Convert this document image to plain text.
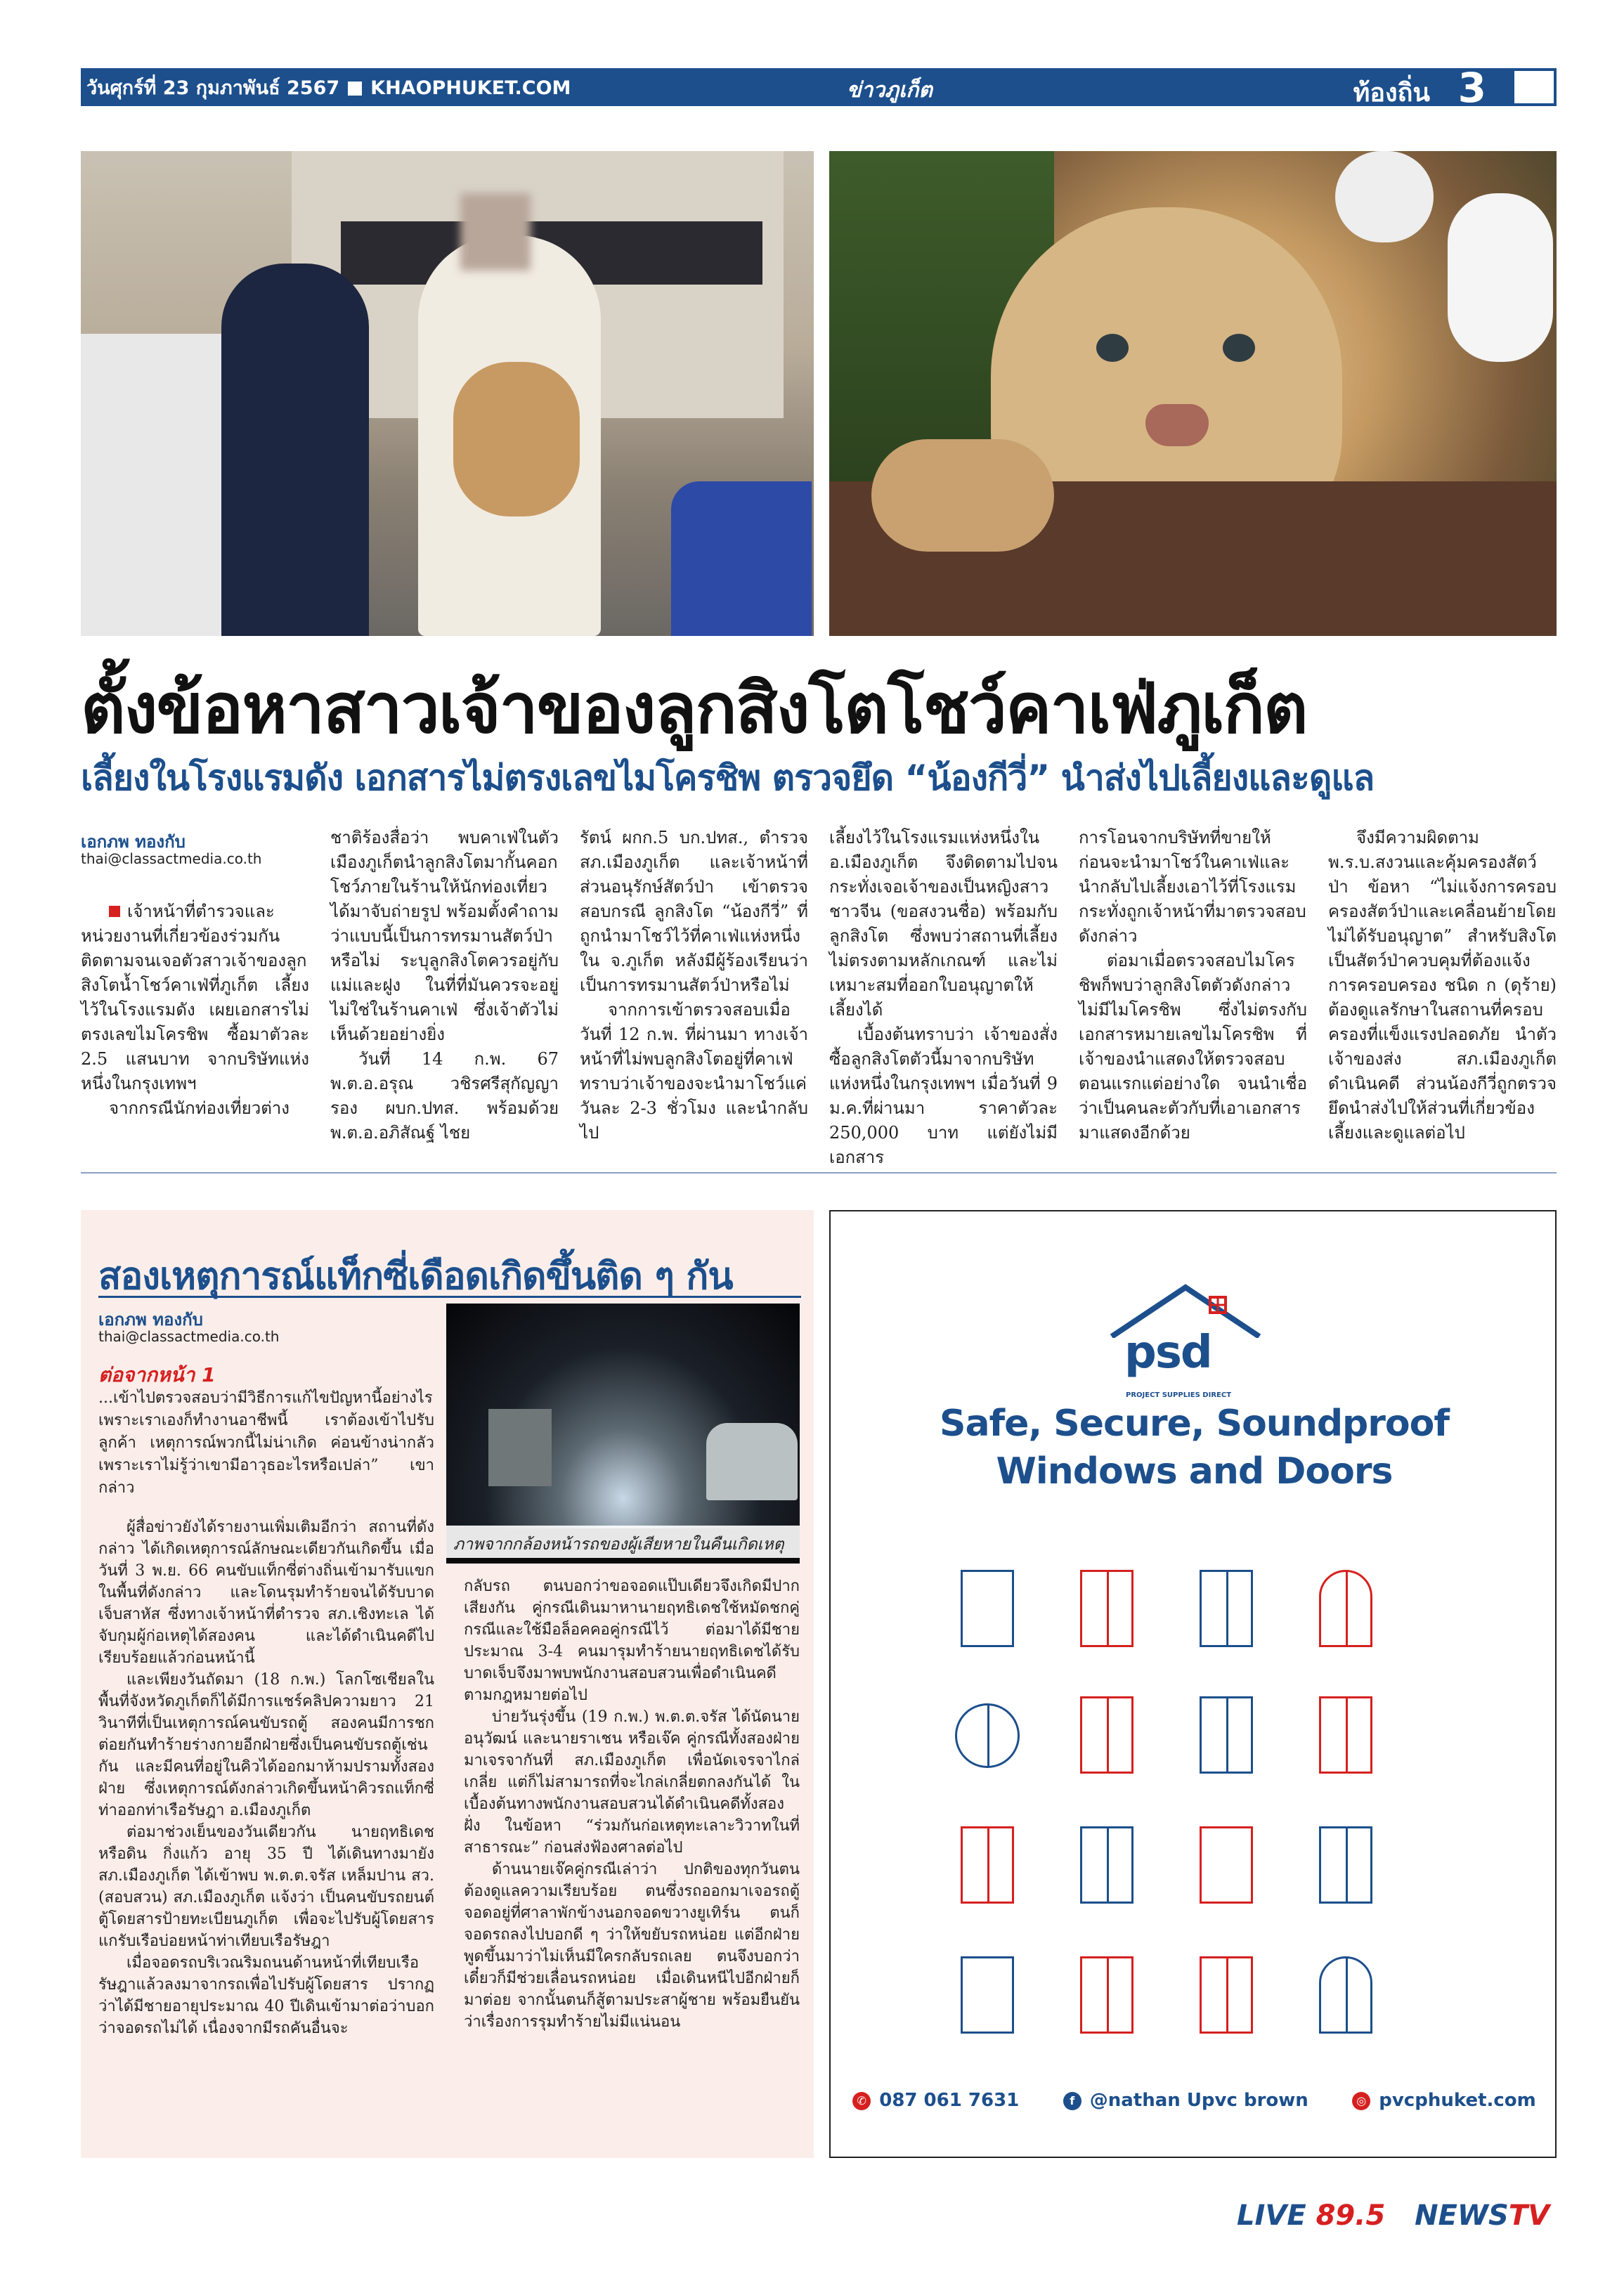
วันศุกร์ที่ 23 กุมภาพันธ์ 2567 KHAOPHUKET.COM	ข่าวภูเก็ต	ท้องถิ่น 3
ตั้งข้อหาสาวเจ้าของลูกสิงโตโชว์คาเฟ่ภูเก็ต
เลี้ยงในโรงแรมดัง เอกสารไม่ตรงเลขไมโครชิพ ตรวจยึด “น้องกีวี่” นำส่งไปเลี้ยงและดูแล
เอกภพ ทองกับ
thai@classactmedia.co.th

เจ้าหน้าที่ตำรวจและหน่วยงานที่เกี่ยวข้องร่วมกันติดตามจนเจอตัวสาวเจ้าของลูกสิงโตน้ำโชว์คาเฟ่ที่ภูเก็ต เลี้ยงไว้ในโรงแรมดัง เผยเอกสารไม่ตรงเลขไมโครชิพ ซื้อมาตัวละ 2.5 แสนบาท จากบริษัทแห่งหนึ่งในกรุงเทพฯ

จากกรณีนักท่องเที่ยวต่าง

ชาติร้องสื่อว่า พบคาเฟ่ในตัวเมืองภูเก็ตนำลูกสิงโตมากั้นคอกโชว์ภายในร้านให้นักท่องเที่ยวได้มาจับถ่ายรูป พร้อมตั้งคำถามว่าแบบนี้เป็นการทรมานสัตว์ป่าหรือไม่ ระบุลูกสิงโตควรอยู่กับแม่และฝูง ในที่ที่มันควรจะอยู่ ไม่ใช่ในร้านคาเฟ่ ซึ่งเจ้าตัวไม่เห็นด้วยอย่างยิ่ง

วันที่ 14 ก.พ. 67 พ.ต.อ.อรุณ วชิรศรีสุกัญญา รอง ผบก.ปทส. พร้อมด้วย พ.ต.อ.อภิสัณฐ์ ไชย

รัตน์ ผกก.5 บก.ปทส., ตำรวจ สภ.เมืองภูเก็ต และเจ้าหน้าที่ส่วนอนุรักษ์สัตว์ป่า เข้าตรวจสอบกรณี ลูกสิงโต “น้องกีวี่” ที่ถูกนำมาโชว์ไว้ที่คาเฟ่แห่งหนึ่งใน จ.ภูเก็ต หลังมีผู้ร้องเรียนว่าเป็นการทรมานสัตว์ป่าหรือไม่

จากการเข้าตรวจสอบเมื่อวันที่ 12 ก.พ. ที่ผ่านมา ทางเจ้าหน้าที่ไม่พบลูกสิงโตอยู่ที่คาเฟ่ ทราบว่าเจ้าของจะนำมาโชว์แค่วันละ 2-3 ชั่วโมง และนำกลับไป

เลี้ยงไว้ในโรงแรมแห่งหนึ่งใน อ.เมืองภูเก็ต จึงติดตามไปจนกระทั่งเจอเจ้าของเป็นหญิงสาวชาวจีน (ขอสงวนชื่อ) พร้อมกับลูกสิงโต ซึ่งพบว่าสถานที่เลี้ยงไม่ตรงตามหลักเกณฑ์ และไม่เหมาะสมที่ออกใบอนุญาตให้เลี้ยงได้

เบื้องต้นทราบว่า เจ้าของสั่งซื้อลูกสิงโตตัวนี้มาจากบริษัทแห่งหนึ่งในกรุงเทพฯ เมื่อวันที่ 9 ม.ค.ที่ผ่านมา ราคาตัวละ 250,000 บาท แต่ยังไม่มีเอกสาร

การโอนจากบริษัทที่ขายให้ ก่อนจะนำมาโชว์ในคาเฟ่และนำกลับไปเลี้ยงเอาไว้ที่โรงแรม กระทั่งถูกเจ้าหน้าที่มาตรวจสอบดังกล่าว

ต่อมาเมื่อตรวจสอบไมโครชิพก็พบว่าลูกสิงโตตัวดังกล่าวไม่มีไมโครชิพ ซึ่งไม่ตรงกับเอกสารหมายเลขไมโครชิพ ที่เจ้าของนำแสดงให้ตรวจสอบตอนแรกแต่อย่างใด จนนำเชื่อว่าเป็นคนละตัวกับที่เอาเอกสารมาแสดงอีกด้วย

จึงมีความผิดตาม พ.ร.บ.สงวนและคุ้มครองสัตว์ป่า ข้อหา “ไม่แจ้งการครอบครองสัตว์ป่าและเคลื่อนย้ายโดยไม่ได้รับอนุญาต” สำหรับสิงโต เป็นสัตว์ป่าควบคุมที่ต้องแจ้งการครอบครอง ชนิด ก (ดุร้าย) ต้องดูแลรักษาในสถานที่ครอบครองที่แข็งแรงปลอดภัย นำตัวเจ้าของส่ง สภ.เมืองภูเก็ต ดำเนินคดี ส่วนน้องกีวี่ถูกตรวจยึดนำส่งไปให้ส่วนที่เกี่ยวข้องเลี้ยงและดูแลต่อไป

สองเหตุการณ์แท็กซี่เดือดเกิดขึ้นติด ๆ กัน
เอกภพ ทองกับ
thai@classactmedia.co.th
ต่อจากหน้า 1
ภาพจากกล้องหน้ารถของผู้เสียหายในคืนเกิดเหตุ

...เข้าไปตรวจสอบว่ามีวิธีการแก้ไขปัญหานี้อย่างไร เพราะเราเองก็ทำงานอาชีพนี้ เราต้องเข้าไปรับลูกค้า เหตุการณ์พวกนี้ไม่น่าเกิด ค่อนข้างน่ากลัว เพราะเราไม่รู้ว่าเขามีอาวุธอะไรหรือเปล่า” เขากล่าว

ผู้สื่อข่าวยังได้รายงานเพิ่มเติมอีกว่า สถานที่ดังกล่าว ได้เกิดเหตุการณ์ลักษณะเดียวกันเกิดขึ้น เมื่อวันที่ 3 พ.ย. 66 คนขับแท็กซี่ต่างถิ่นเข้ามารับแขกในพื้นที่ดังกล่าว และโดนรุมทำร้ายจนได้รับบาดเจ็บสาหัส ซึ่งทางเจ้าหน้าที่ตำรวจ สภ.เชิงทะเล ได้จับกุมผู้ก่อเหตุได้สองคน และได้ดำเนินคดีไปเรียบร้อยแล้วก่อนหน้านี้

และเพียงวันถัดมา (18 ก.พ.) โลกโซเชียลในพื้นที่จังหวัดภูเก็ตก็ได้มีการแชร์คลิปความยาว 21 วินาทีที่เป็นเหตุการณ์คนขับรถตู้ สองคนมีการชกต่อยกันทำร้ายร่างกายอีกฝ่ายซึ่งเป็นคนขับรถตู้เช่นกัน และมีคนที่อยู่ในคิวได้ออกมาห้ามปรามทั้งสองฝ่าย ซึ่งเหตุการณ์ดังกล่าวเกิดขึ้นหน้าคิวรถแท็กซี่ท่าออกท่าเรือรัษฎา อ.เมืองภูเก็ต

ต่อมาช่วงเย็นของวันเดียวกัน นายฤทธิเดช หรือดิน กิ่งแก้ว อายุ 35 ปี ได้เดินทางมายัง สภ.เมืองภูเก็ต ได้เข้าพบ พ.ต.ต.จรัส เหล็มปาน สว.(สอบสวน) สภ.เมืองภูเก็ต แจ้งว่า เป็นคนขับรถยนต์ตู้โดยสารป้ายทะเบียนภูเก็ต เพื่อจะไปรับผู้โดยสารแกรับเรือบ่อยหน้าท่าเทียบเรือรัษฎา

เมื่อจอดรถบริเวณริมถนนด้านหน้าที่เทียบเรือรัษฎาแล้วลงมาจากรถเพื่อไปรับผู้โดยสาร ปรากฏว่าได้มีชายอายุประมาณ 40 ปีเดินเข้ามาต่อว่าบอกว่าจอดรถไม่ได้ เนื่องจากมีรถคันอื่นจะ

กลับรถ ตนบอกว่าขอจอดแป๊บเดียวจึงเกิดมีปากเสียงกัน คู่กรณีเดินมาหานายฤทธิเดชใช้หมัดชกคู่กรณีและใช้มือล็อคคอคู่กรณีไว้ ต่อมาได้มีชายประมาณ 3-4 คนมารุมทำร้ายนายฤทธิเดชได้รับบาดเจ็บจึงมาพบพนักงานสอบสวนเพื่อดำเนินคดีตามกฎหมายต่อไป

บ่ายวันรุ่งขึ้น (19 ก.พ.) พ.ต.ต.จรัส ได้นัดนายอนุวัฒน์ และนายราเชน หรือเจ๊ค คู่กรณีทั้งสองฝ่ายมาเจรจากันที่ สภ.เมืองภูเก็ต เพื่อนัดเจรจาไกล่เกลี่ย แต่ก็ไม่สามารถที่จะไกล่เกลี่ยตกลงกันได้ ในเบื้องต้นทางพนักงานสอบสวนได้ดำเนินคดีทั้งสองฝั่ง ในข้อหา “ร่วมกันก่อเหตุทะเลาะวิวาทในที่สาธารณะ” ก่อนส่งฟ้องศาลต่อไป

ด้านนายเจ๊คคู่กรณีเล่าว่า ปกติของทุกวันตนต้องดูแลความเรียบร้อย ตนซึ่งรถออกมาเจอรถตู้จอดอยู่ที่ศาลาพักข้างนอกจอดขวางยูเทิร์น ตนก็จอดรถลงไปบอกดี ๆ ว่าให้ขยับรถหน่อย แต่อีกฝ่ายพูดขึ้นมาว่าไม่เห็นมีใครกลับรถเลย ตนจึงบอกว่าเดี๋ยวก็มีช่วยเลื่อนรถหน่อย เมื่อเดินหนีไปอีกฝ่ายก็มาต่อย จากนั้นตนก็สู้ตามประสาผู้ชาย พร้อมยืนยันว่าเรื่องการรุมทำร้ายไม่มีแน่นอน

psd
PROJECT SUPPLIES DIRECT
Safe, Secure, Soundproof
Windows and Doors
✆ 087 061 7631	f @nathan Upvc brown	◎ pvcphuket.com
LIVE 89.5 NEWSTV
